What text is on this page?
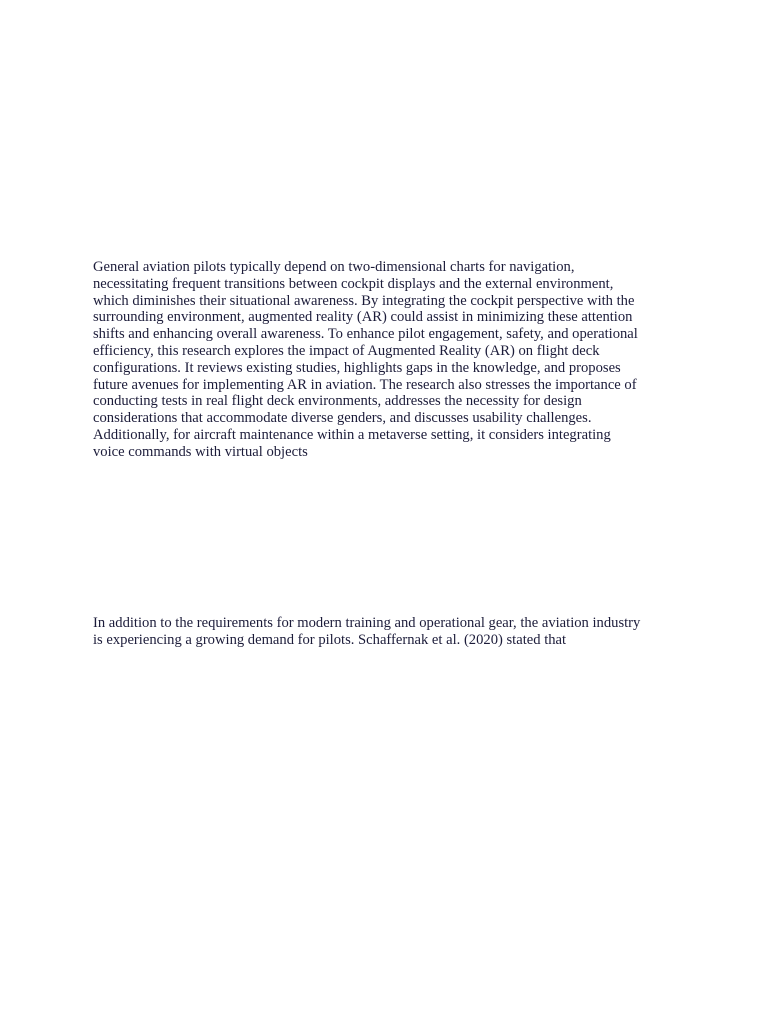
General aviation pilots typically depend on two-dimensional charts for navigation,
necessitating frequent transitions between cockpit displays and the external environment,
which diminishes their situational awareness. By integrating the cockpit perspective with the
surrounding environment, augmented reality (AR) could assist in minimizing these attention
shifts and enhancing overall awareness. To enhance pilot engagement, safety, and operational
efficiency, this research explores the impact of Augmented Reality (AR) on flight deck
configurations. It reviews existing studies, highlights gaps in the knowledge, and proposes
future avenues for implementing AR in aviation. The research also stresses the importance of
conducting tests in real flight deck environments, addresses the necessity for design
considerations that accommodate diverse genders, and discusses usability challenges.
Additionally, for aircraft maintenance within a metaverse setting, it considers integrating
voice commands with virtual objects

In addition to the requirements for modern training and operational gear, the aviation industry
is experiencing a growing demand for pilots. Schaffernak et al. (2020) stated that
